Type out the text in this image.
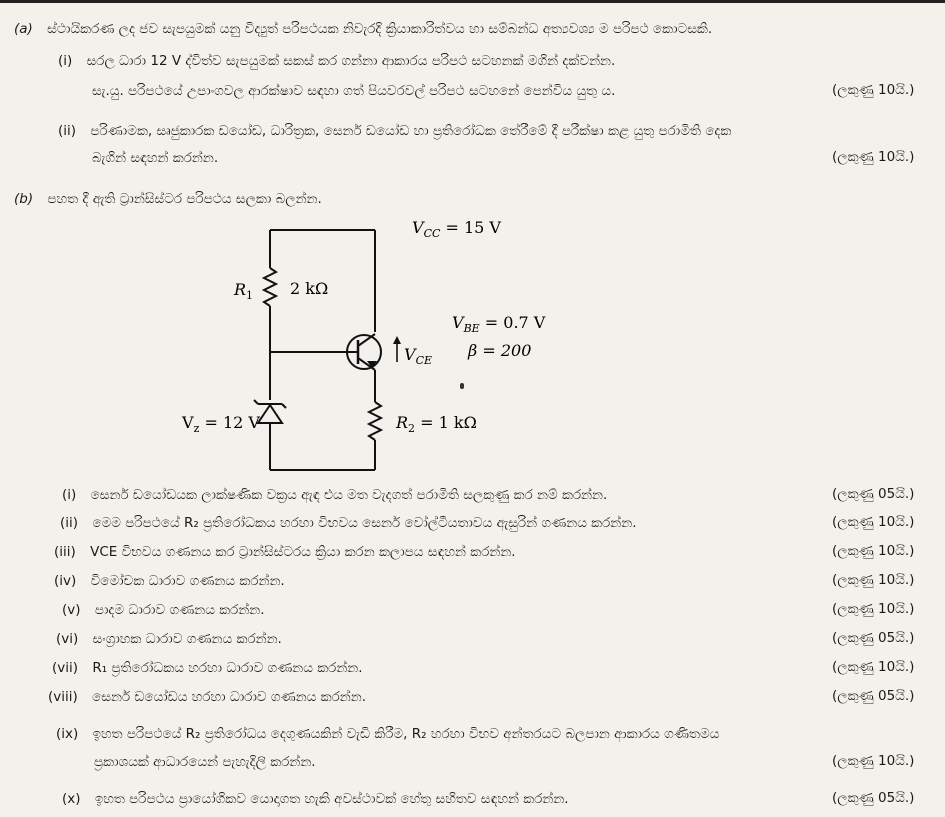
(a) ස්ථායිකරණ ලද ජව සැපයුමක් යනු විද්‍යුත් පරිපථයක නිවැරදි ක්‍රියාකාරිත්වය හා සම්බන්ධ අත්‍යවශ්‍ය ම පරිපථ කොටසකි.
(i) සරල ධාරා 12 V ද්විත්ව සැපයුමක් සකස් කර ගන්නා ආකාරය පරිපථ සටහනක් මගින් දක්වන්න.
සැ.යු. පරිපථයේ උපාංගවල ආරක්ෂාව සඳහා ගත් පියවරවල් පරිපථ සටහනේ පෙන්විය යුතු ය.	(ලකුණු 10යි.)
(ii) පරිණාමක, සෘජුකාරක ඩයෝඩ, ධාරිත්‍රක, සෙනර් ඩයෝඩ හා ප්‍රතිරෝධක තේරීමේ දී පරීක්ෂා කළ යුතු පරාමිති දෙක
බැගින් සඳහන් කරන්න.	(ලකුණු 10යි.)
(b) පහත දී ඇති ට්‍රාන්සිස්ටර පරිපථය සලකා බලන්න.
$V_{CC} = 15$ V
$R_1$ 2 kΩ
$V_{BE} = 0.7$ V
β = 200
$V_{CE}$
$V_z = 12$ V	$R_2 = 1$ kΩ
(i) සෙනර් ඩයෝඩයක ලාක්ෂණික වක්‍රය ඇඳ එය මත වැදගත් පරාමිති සලකුණු කර නම් කරන්න.	(ලකුණු 05යි.)
(ii) මෙම පරිපථයේ R₂ ප්‍රතිරෝධකය හරහා විභවය සෙනර් වෝල්ටීයතාවය ඇසුරින් ගණනය කරන්න.	(ලකුණු 10යි.)
(iii) VCE විභවය ගණනය කර ට්‍රාන්සිස්ටරය ක්‍රියා කරන කලාපය සඳහන් කරන්න.	(ලකුණු 10යි.)
(iv) විමෝචක ධාරාව ගණනය කරන්න.	(ලකුණු 10යි.)
(v) පාදම ධාරාව ගණනය කරන්න.	(ලකුණු 10යි.)
(vi) සංග්‍රාහක ධාරාව ගණනය කරන්න.	(ලකුණු 05යි.)
(vii) R₁ ප්‍රතිරෝධකය හරහා ධාරාව ගණනය කරන්න.	(ලකුණු 10යි.)
(viii) සෙනර් ඩයෝඩය හරහා ධාරාව ගණනය කරන්න.	(ලකුණු 05යි.)
(ix) ඉහත පරිපථයේ R₂ ප්‍රතිරෝධය දෙගුණයකින් වැඩි කිරීම, R₂ හරහා විභව අන්තරයට බලපාන ආකාරය ගණිතමය
ප්‍රකාශයක් ආධාරයෙන් පැහැදිලි කරන්න.	(ලකුණු 10යි.)
(x) ඉහත පරිපථය ප්‍රායෝගිකව යොදාගත හැකි අවස්ථාවක් හේතු සහිතව සඳහන් කරන්න.	(ලකුණු 05යි.)
